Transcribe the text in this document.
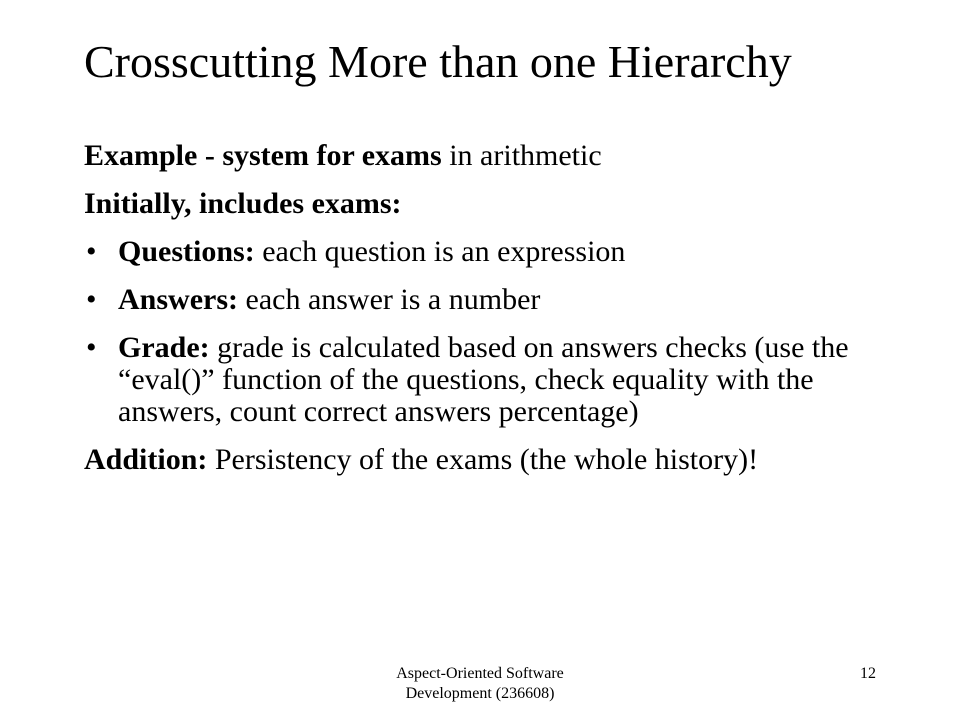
Crosscutting More than one Hierarchy
Example - system for exams in arithmetic
Initially, includes exams:
• Questions: each question is an expression
• Answers: each answer is a number
• Grade: grade is calculated based on answers checks (use the “eval()” function of the questions, check equality with the answers, count correct answers percentage)
Addition: Persistency of the exams (the whole history)!
Aspect-Oriented Software
Development (236608)
12
